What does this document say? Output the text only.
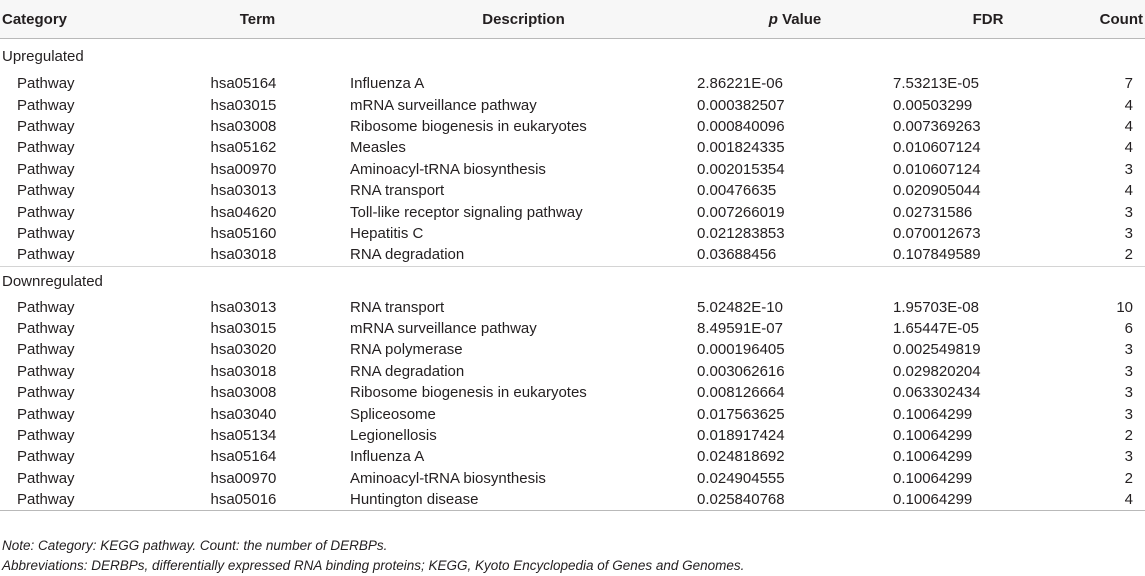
Category	Term	Description	p Value	FDR	Count
Upregulated					
Pathway	hsa05164	Influenza A	2.86221E-06	7.53213E-05	7
Pathway	hsa03015	mRNA surveillance pathway	0.000382507	0.00503299	4
Pathway	hsa03008	Ribosome biogenesis in eukaryotes	0.000840096	0.007369263	4
Pathway	hsa05162	Measles	0.001824335	0.010607124	4
Pathway	hsa00970	Aminoacyl-tRNA biosynthesis	0.002015354	0.010607124	3
Pathway	hsa03013	RNA transport	0.00476635	0.020905044	4
Pathway	hsa04620	Toll-like receptor signaling pathway	0.007266019	0.02731586	3
Pathway	hsa05160	Hepatitis C	0.021283853	0.070012673	3
Pathway	hsa03018	RNA degradation	0.03688456	0.107849589	2
Downregulated					
Pathway	hsa03013	RNA transport	5.02482E-10	1.95703E-08	10
Pathway	hsa03015	mRNA surveillance pathway	8.49591E-07	1.65447E-05	6
Pathway	hsa03020	RNA polymerase	0.000196405	0.002549819	3
Pathway	hsa03018	RNA degradation	0.003062616	0.029820204	3
Pathway	hsa03008	Ribosome biogenesis in eukaryotes	0.008126664	0.063302434	3
Pathway	hsa03040	Spliceosome	0.017563625	0.10064299	3
Pathway	hsa05134	Legionellosis	0.018917424	0.10064299	2
Pathway	hsa05164	Influenza A	0.024818692	0.10064299	3
Pathway	hsa00970	Aminoacyl-tRNA biosynthesis	0.024904555	0.10064299	2
Pathway	hsa05016	Huntington disease	0.025840768	0.10064299	4
Note: Category: KEGG pathway. Count: the number of DERBPs.
Abbreviations: DERBPs, differentially expressed RNA binding proteins; KEGG, Kyoto Encyclopedia of Genes and Genomes.
